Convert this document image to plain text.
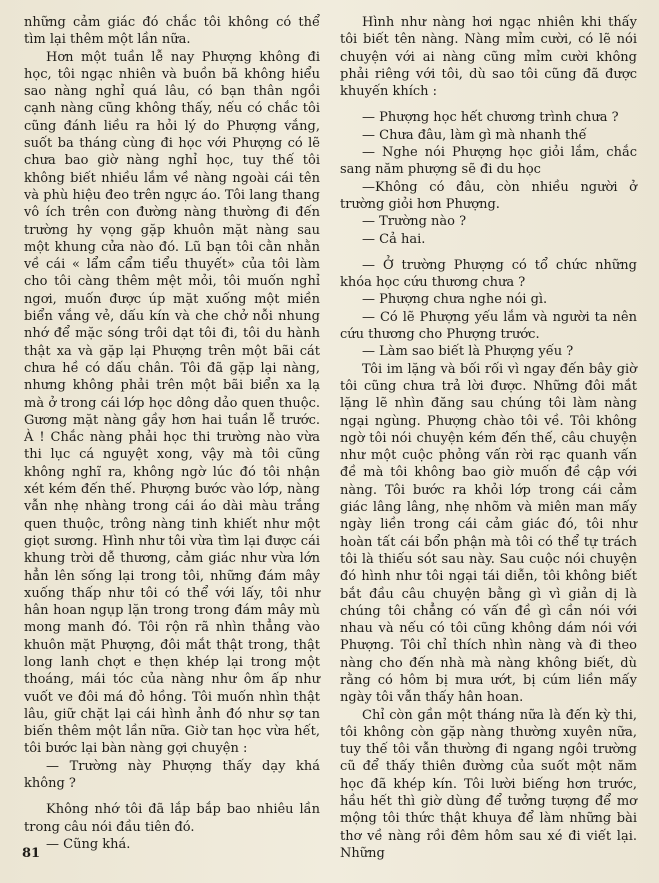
những cảm giác đó chắc tôi không có thể tìm lại thêm một lần nữa.

Hơn một tuần lễ nay Phượng không đi học, tôi ngạc nhiên và buồn bã không hiểu sao nàng nghỉ quá lâu, có bạn thân ngồi cạnh nàng cũng không thấy, nếu có chắc tôi cũng đánh liều ra hỏi lý do Phượng vắng, suốt ba tháng cùng đi học với Phượng có lẽ chưa bao giờ nàng nghỉ học, tuy thế tôi không biết nhiều lắm về nàng ngoài cái tên và phù hiệu đeo trên ngực áo. Tôi lang thang vô ích trên con đường nàng thường đi đến trường hy vọng gặp khuôn mặt nàng sau một khung cửa nào đó. Lũ bạn tôi cằn nhằn về cái « lẩm cẩm tiểu thuyết» của tôi làm cho tôi càng thêm mệt mỏi, tôi muốn nghỉ ngơi, muốn được úp mặt xuống một miền biển vắng vẻ, dấu kín và che chở nỗi nhung nhớ để mặc sóng trôi dạt tôi đi, tôi du hành thật xa và gặp lại Phượng trên một bãi cát chưa hề có dấu chân. Tôi đã gặp lại nàng, nhưng không phải trên một bãi biển xa lạ mà ở trong cái lớp học dông dảo quen thuộc. Gương mặt nàng gầy hơn hai tuần lễ trước. À ! Chắc nàng phải học thi trường nào vừa thi lục cá nguyệt xong, vậy mà tôi cũng không nghĩ ra, không ngờ lúc đó tôi nhận xét kém đến thế. Phượng bước vào lớp, nàng vẫn nhẹ nhàng trong cái áo dài màu trắng quen thuộc, trông nàng tinh khiết như một giọt sương. Hình như tôi vừa tìm lại được cái khung trời dễ thương, cảm giác như vừa lớn hẳn lên sống lại trong tôi, những đám mây xuống thấp như tôi có thể với lấy, tôi như hân hoan ngụp lặn trong trong đám mây mù mong manh đó. Tôi rộn rã nhìn thẳng vào khuôn mặt Phượng, đôi mắt thật trong, thật long lanh chợt e thẹn khép lại trong một thoáng, mái tóc của nàng như ôm ấp như vuốt ve đôi má đỏ hồng. Tôi muốn nhìn thật lâu, giữ chặt lại cái hình ảnh đó như sợ tan biến thêm một lần nữa. Giờ tan học vừa hết, tôi bước lại bàn nàng gợi chuyện :

— Trường này Phượng thấy dạy khá không ?

Không nhớ tôi đã lắp bắp bao nhiêu lần trong câu nói đầu tiên đó.

— Cũng khá.

Hình như nàng hơi ngạc nhiên khi thấy tôi biết tên nàng. Nàng mỉm cười, có lẽ nói chuyện với ai nàng cũng mỉm cười không phải riêng với tôi, dù sao tôi cũng đã được khuyến khích :

— Phượng học hết chương trình chưa ?

— Chưa đâu, làm gì mà nhanh thế

— Nghe nói Phượng học giỏi lắm, chắc sang năm phượng sẽ đi du học

—Không có đâu, còn nhiều người ở trường giỏi hơn Phượng.

— Trường nào ?

— Cả hai.

— Ở trường Phượng có tổ chức những khóa học cứu thương chưa ?

— Phượng chưa nghe nói gì.

— Có lẽ Phượng yếu lắm và người ta nên cứu thương cho Phượng trước.

— Làm sao biết là Phượng yếu ?

Tôi im lặng và bối rối vì ngay đến bây giờ tôi cũng chưa trả lời được. Những đôi mắt lặng lẽ nhìn đăng sau chúng tôi làm nàng ngại ngùng. Phượng chào tôi về. Tôi không ngờ tôi nói chuyện kém đến thế, câu chuyện như một cuộc phỏng vấn rời rạc quanh vấn đề mà tôi không bao giờ muốn đề cập với nàng. Tôi bước ra khỏi lớp trong cái cảm giác lâng lâng, nhẹ nhõm và miên man mấy ngày liền trong cái cảm giác đó, tôi như hoàn tất cái bổn phận mà tôi có thể tự trách tôi là thiếu sót sau này. Sau cuộc nói chuyện đó hình như tôi ngại tái diễn, tôi không biết bắt đầu câu chuyện bằng gì vì giản dị là chúng tôi chẳng có vấn đề gì cần nói với nhau và nếu có tôi cũng không dám nói với Phượng. Tôi chỉ thích nhìn nàng và đi theo nàng cho đến nhà mà nàng không biết, dù rằng có hôm bị mưa ướt, bị cúm liền mấy ngày tôi vẫn thấy hân hoan.

Chỉ còn gần một tháng nữa là đến kỳ thi, tôi không còn gặp nàng thường xuyên nữa, tuy thế tôi vẫn thường đi ngang ngôi trường cũ để thấy thiên đường của suốt một năm học đã khép kín. Tôi lười biếng hơn trước, hầu hết thì giờ dùng để tưởng tượng để mơ mộng tôi thức thật khuya để làm những bài thơ về nàng rồi đêm hôm sau xé đi viết lại. Những

81
